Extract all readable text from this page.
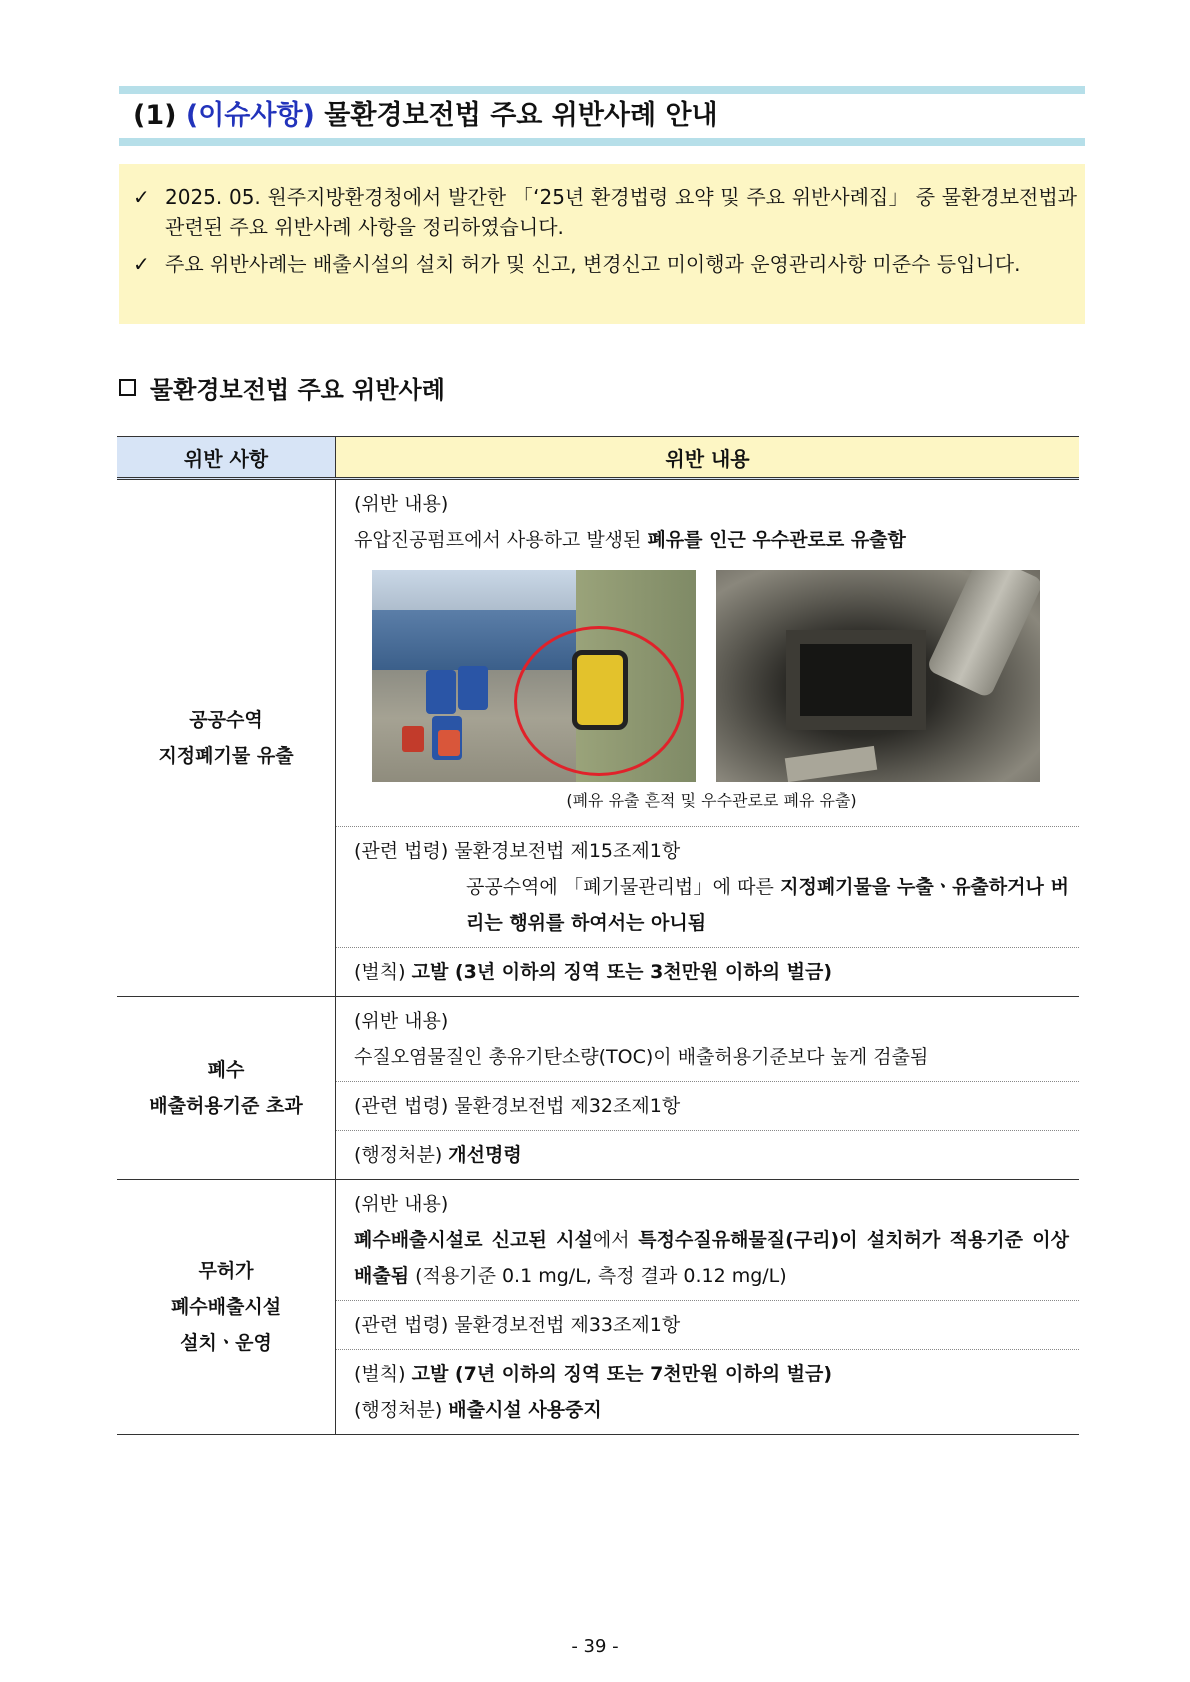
(1) (이슈사항) 물환경보전법 주요 위반사례 안내
✓ 2025. 05. 원주지방환경청에서 발간한 「‘25년 환경법령 요약 및 주요 위반사례집」 중 물환경보전법과 관련된 주요 위반사례 사항을 정리하였습니다.
✓ 주요 위반사례는 배출시설의 설치 허가 및 신고, 변경신고 미이행과 운영관리사항 미준수 등입니다.
물환경보전법 주요 위반사례
위반 사항	위반 내용
공공수역
지정폐기물 유출
(위반 내용)
유압진공펌프에서 사용하고 발생된 폐유를 인근 우수관로로 유출함
(폐유 유출 흔적 및 우수관로로 폐유 유출)
(관련 법령) 물환경보전법 제15조제1항
공공수역에 「폐기물관리법」에 따른 지정폐기물을 누출ㆍ유출하거나 버리는 행위를 하여서는 아니됨
(벌칙) 고발 (3년 이하의 징역 또는 3천만원 이하의 벌금)
폐수
배출허용기준 초과
(위반 내용)
수질오염물질인 총유기탄소량(TOC)이 배출허용기준보다 높게 검출됨
(관련 법령) 물환경보전법 제32조제1항
(행정처분) 개선명령
무허가
폐수배출시설
설치ㆍ운영
(위반 내용)
폐수배출시설로 신고된 시설에서 특정수질유해물질(구리)이 설치허가 적용기준 이상 배출됨 (적용기준 0.1 mg/L, 측정 결과 0.12 mg/L)
(관련 법령) 물환경보전법 제33조제1항
(벌칙) 고발 (7년 이하의 징역 또는 7천만원 이하의 벌금)
(행정처분) 배출시설 사용중지
- 39 -
